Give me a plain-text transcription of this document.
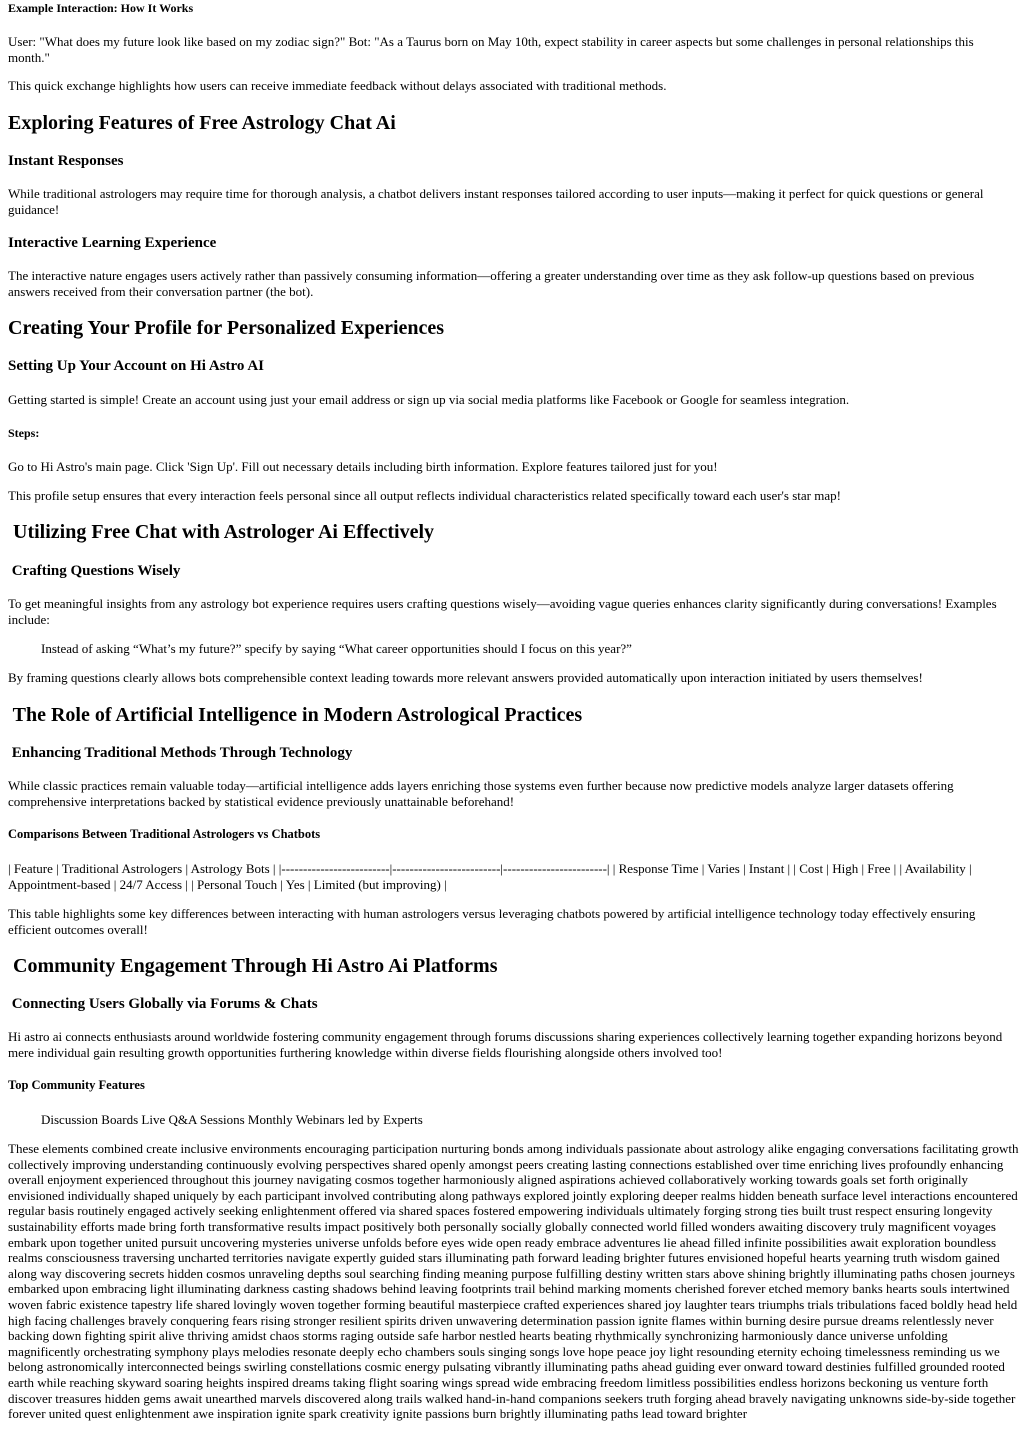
Example Interaction: How It Works

User: "What does my future look like based on my zodiac sign?" Bot: "As a Taurus born on May 10th, expect stability in career aspects but some challenges in personal relationships this month."

This quick exchange highlights how users can receive immediate feedback without delays associated with traditional methods.

Exploring Features of Free Astrology Chat Ai
Instant Responses

While traditional astrologers may require time for thorough analysis, a chatbot delivers instant responses tailored according to user inputs—making it perfect for quick questions or general guidance!

Interactive Learning Experience

The interactive nature engages users actively rather than passively consuming information—offering a greater understanding over time as they ask follow-up questions based on previous answers received from their conversation partner (the bot).

Creating Your Profile for Personalized Experiences
Setting Up Your Account on Hi Astro AI

Getting started is simple! Create an account using just your email address or sign up via social media platforms like Facebook or Google for seamless integration.

Steps:

Go to Hi Astro's main page. Click 'Sign Up'. Fill out necessary details including birth information. Explore features tailored just for you!

This profile setup ensures that every interaction feels personal since all output reflects individual characteristics related specifically toward each user's star map!

Utilizing Free Chat with Astrologer Ai Effectively
Crafting Questions Wisely

To get meaningful insights from any astrology bot experience requires users crafting questions wisely—avoiding vague queries enhances clarity significantly during conversations! Examples include:

Instead of asking “What’s my future?” specify by saying “What career opportunities should I focus on this year?”

By framing questions clearly allows bots comprehensible context leading towards more relevant answers provided automatically upon interaction initiated by users themselves!

The Role of Artificial Intelligence in Modern Astrological Practices
Enhancing Traditional Methods Through Technology

While classic practices remain valuable today—artificial intelligence adds layers enriching those systems even further because now predictive models analyze larger datasets offering comprehensive interpretations backed by statistical evidence previously unattainable beforehand!

Comparisons Between Traditional Astrologers vs Chatbots

| Feature | Traditional Astrologers | Astrology Bots | |-------------------------|-------------------------|------------------------| | Response Time | Varies | Instant | | Cost | High | Free | | Availability | Appointment-based | 24/7 Access | | Personal Touch | Yes | Limited (but improving) |

This table highlights some key differences between interacting with human astrologers versus leveraging chatbots powered by artificial intelligence technology today effectively ensuring efficient outcomes overall!

Community Engagement Through Hi Astro Ai Platforms
Connecting Users Globally via Forums & Chats

Hi astro ai connects enthusiasts around worldwide fostering community engagement through forums discussions sharing experiences collectively learning together expanding horizons beyond mere individual gain resulting growth opportunities furthering knowledge within diverse fields flourishing alongside others involved too!

Top Community Features

Discussion Boards Live Q&A Sessions Monthly Webinars led by Experts

These elements combined create inclusive environments encouraging participation nurturing bonds among individuals passionate about astrology alike engaging conversations facilitating growth collectively improving understanding continuously evolving perspectives shared openly amongst peers creating lasting connections established over time enriching lives profoundly enhancing overall enjoyment experienced throughout this journey navigating cosmos together harmoniously aligned aspirations achieved collaboratively working towards goals set forth originally envisioned individually shaped uniquely by each participant involved contributing along pathways explored jointly exploring deeper realms hidden beneath surface level interactions encountered regular basis routinely engaged actively seeking enlightenment offered via shared spaces fostered empowering individuals ultimately forging strong ties built trust respect ensuring longevity sustainability efforts made bring forth transformative results impact positively both personally socially globally connected world filled wonders awaiting discovery truly magnificent voyages embark upon together united pursuit uncovering mysteries universe unfolds before eyes wide open ready embrace adventures lie ahead filled infinite possibilities await exploration boundless realms consciousness traversing uncharted territories navigate expertly guided stars illuminating path forward leading brighter futures envisioned hopeful hearts yearning truth wisdom gained along way discovering secrets hidden cosmos unraveling depths soul searching finding meaning purpose fulfilling destiny written stars above shining brightly illuminating paths chosen journeys embarked upon embracing light illuminating darkness casting shadows behind leaving footprints trail behind marking moments cherished forever etched memory banks hearts souls intertwined woven fabric existence tapestry life shared lovingly woven together forming beautiful masterpiece crafted experiences shared joy laughter tears triumphs trials tribulations faced boldly head held high facing challenges bravely conquering fears rising stronger resilient spirits driven unwavering determination passion ignite flames within burning desire pursue dreams relentlessly never backing down fighting spirit alive thriving amidst chaos storms raging outside safe harbor nestled hearts beating rhythmically synchronizing harmoniously dance universe unfolding magnificently orchestrating symphony plays melodies resonate deeply echo chambers souls singing songs love hope peace joy light resounding eternity echoing timelessness reminding us we belong astronomically interconnected beings swirling constellations cosmic energy pulsating vibrantly illuminating paths ahead guiding ever onward toward destinies fulfilled grounded rooted earth while reaching skyward soaring heights inspired dreams taking flight soaring wings spread wide embracing freedom limitless possibilities endless horizons beckoning us venture forth discover treasures hidden gems await unearthed marvels discovered along trails walked hand-in-hand companions seekers truth forging ahead bravely navigating unknowns side-by-side together forever united quest enlightenment awe inspiration ignite spark creativity ignite passions burn brightly illuminating paths lead toward brighter
